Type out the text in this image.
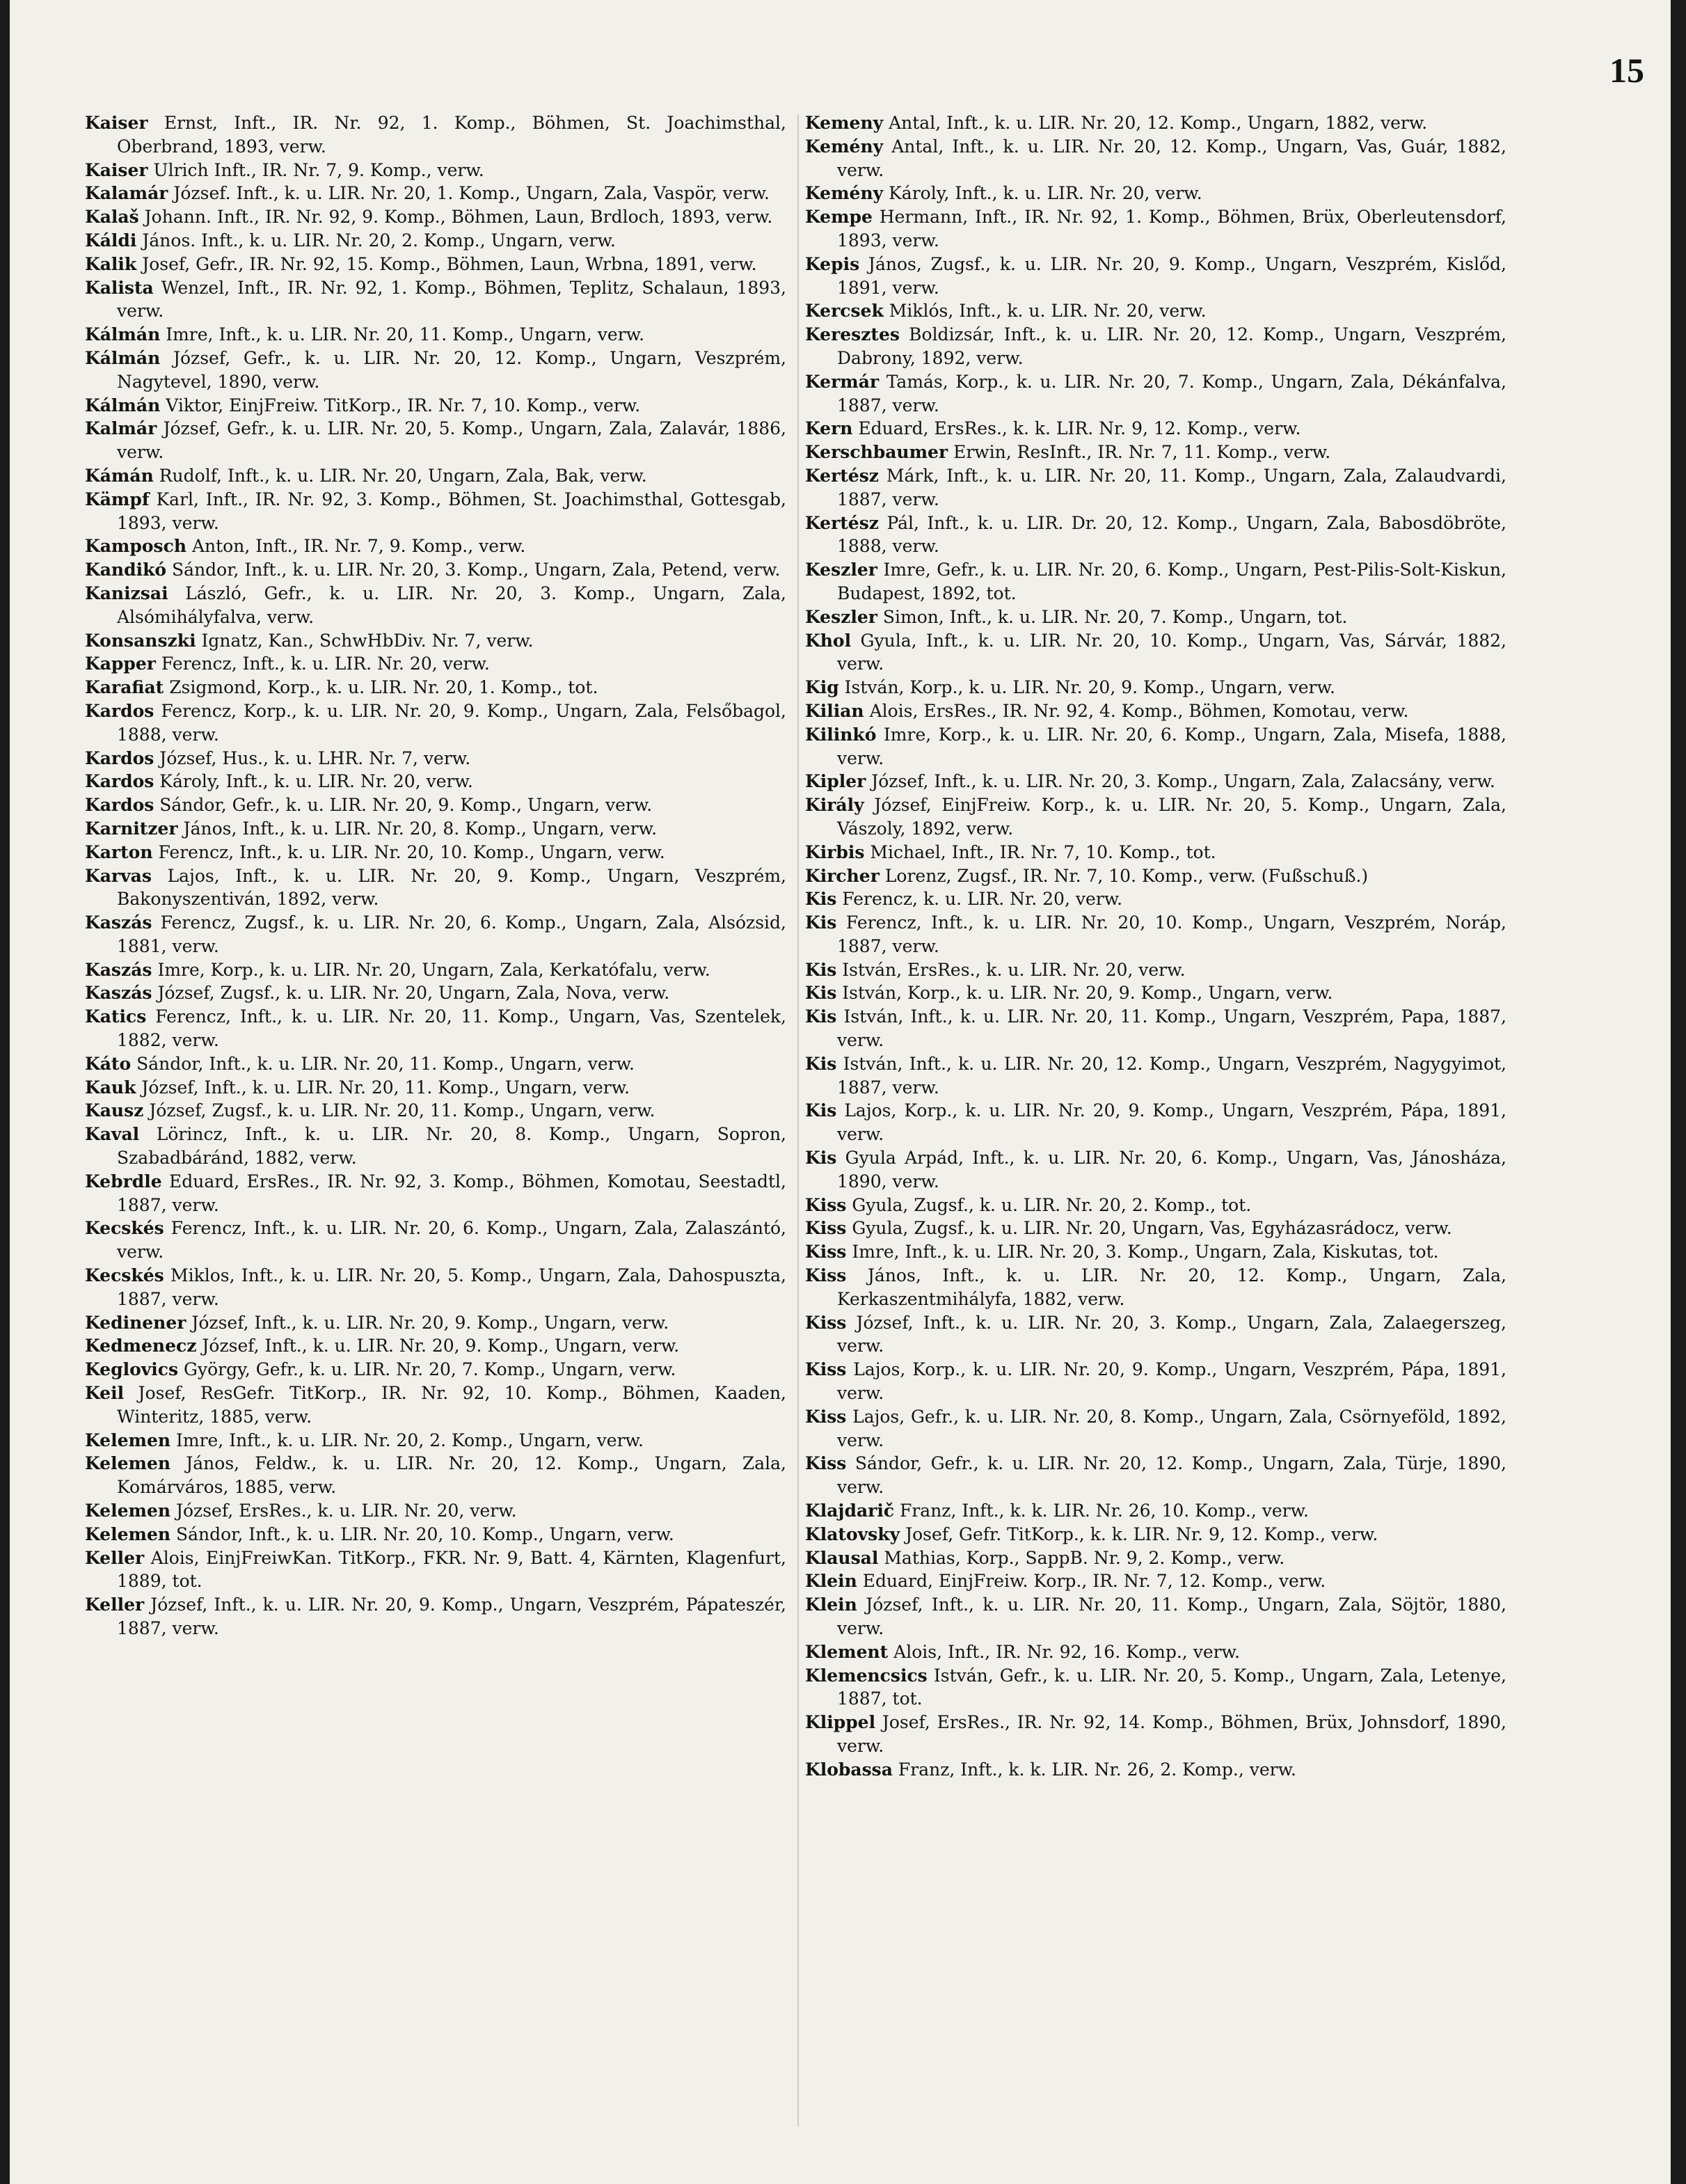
15

Kaiser Ernst, Inft., IR. Nr. 92, 1. Komp., Böhmen, St. Joachimsthal, Oberbrand, 1893, verw.

Kaiser Ulrich Inft., IR. Nr. 7, 9. Komp., verw.

Kalamár József. Inft., k. u. LIR. Nr. 20, 1. Komp., Ungarn, Zala, Vaspör, verw.

Kalaš Johann. Inft., IR. Nr. 92, 9. Komp., Böhmen, Laun, Brdloch, 1893, verw.

Káldi János. Inft., k. u. LIR. Nr. 20, 2. Komp., Ungarn, verw.

Kalik Josef, Gefr., IR. Nr. 92, 15. Komp., Böhmen, Laun, Wrbna, 1891, verw.

Kalista Wenzel, Inft., IR. Nr. 92, 1. Komp., Böhmen, Teplitz, Schalaun, 1893, verw.

Kálmán Imre, Inft., k. u. LIR. Nr. 20, 11. Komp., Ungarn, verw.

Kálmán József, Gefr., k. u. LIR. Nr. 20, 12. Komp., Ungarn, Veszprém, Nagytevel, 1890, verw.

Kálmán Viktor, EinjFreiw. TitKorp., IR. Nr. 7, 10. Komp., verw.

Kalmár József, Gefr., k. u. LIR. Nr. 20, 5. Komp., Ungarn, Zala, Zalavár, 1886, verw.

Kámán Rudolf, Inft., k. u. LIR. Nr. 20, Ungarn, Zala, Bak, verw.

Kämpf Karl, Inft., IR. Nr. 92, 3. Komp., Böhmen, St. Joachimsthal, Gottesgab, 1893, verw.

Kamposch Anton, Inft., IR. Nr. 7, 9. Komp., verw.

Kandikó Sándor, Inft., k. u. LIR. Nr. 20, 3. Komp., Ungarn, Zala, Petend, verw.

Kanizsai László, Gefr., k. u. LIR. Nr. 20, 3. Komp., Ungarn, Zala, Alsómihályfalva, verw.

Konsanszki Ignatz, Kan., SchwHbDiv. Nr. 7, verw.

Kapper Ferencz, Inft., k. u. LIR. Nr. 20, verw.

Karafiat Zsigmond, Korp., k. u. LIR. Nr. 20, 1. Komp., tot.

Kardos Ferencz, Korp., k. u. LIR. Nr. 20, 9. Komp., Ungarn, Zala, Felsőbagol, 1888, verw.

Kardos József, Hus., k. u. LHR. Nr. 7, verw.

Kardos Károly, Inft., k. u. LIR. Nr. 20, verw.

Kardos Sándor, Gefr., k. u. LIR. Nr. 20, 9. Komp., Ungarn, verw.

Karnitzer János, Inft., k. u. LIR. Nr. 20, 8. Komp., Ungarn, verw.

Karton Ferencz, Inft., k. u. LIR. Nr. 20, 10. Komp., Ungarn, verw.

Karvas Lajos, Inft., k. u. LIR. Nr. 20, 9. Komp., Ungarn, Veszprém, Bakonyszentiván, 1892, verw.

Kaszás Ferencz, Zugsf., k. u. LIR. Nr. 20, 6. Komp., Ungarn, Zala, Alsózsid, 1881, verw.

Kaszás Imre, Korp., k. u. LIR. Nr. 20, Ungarn, Zala, Kerkatófalu, verw.

Kaszás József, Zugsf., k. u. LIR. Nr. 20, Ungarn, Zala, Nova, verw.

Katics Ferencz, Inft., k. u. LIR. Nr. 20, 11. Komp., Ungarn, Vas, Szentelek, 1882, verw.

Káto Sándor, Inft., k. u. LIR. Nr. 20, 11. Komp., Ungarn, verw.

Kauk József, Inft., k. u. LIR. Nr. 20, 11. Komp., Ungarn, verw.

Kausz József, Zugsf., k. u. LIR. Nr. 20, 11. Komp., Ungarn, verw.

Kaval Lörincz, Inft., k. u. LIR. Nr. 20, 8. Komp., Ungarn, Sopron, Szabadbáránd, 1882, verw.

Kebrdle Eduard, ErsRes., IR. Nr. 92, 3. Komp., Böhmen, Komotau, Seestadtl, 1887, verw.

Kecskés Ferencz, Inft., k. u. LIR. Nr. 20, 6. Komp., Ungarn, Zala, Zalaszántó, verw.

Kecskés Miklos, Inft., k. u. LIR. Nr. 20, 5. Komp., Ungarn, Zala, Dahospuszta, 1887, verw.

Kedinener József, Inft., k. u. LIR. Nr. 20, 9. Komp., Ungarn, verw.

Kedmenecz József, Inft., k. u. LIR. Nr. 20, 9. Komp., Ungarn, verw.

Keglovics György, Gefr., k. u. LIR. Nr. 20, 7. Komp., Ungarn, verw.

Keil Josef, ResGefr. TitKorp., IR. Nr. 92, 10. Komp., Böhmen, Kaaden, Winteritz, 1885, verw.

Kelemen Imre, Inft., k. u. LIR. Nr. 20, 2. Komp., Ungarn, verw.

Kelemen János, Feldw., k. u. LIR. Nr. 20, 12. Komp., Ungarn, Zala, Komárváros, 1885, verw.

Kelemen József, ErsRes., k. u. LIR. Nr. 20, verw.

Kelemen Sándor, Inft., k. u. LIR. Nr. 20, 10. Komp., Ungarn, verw.

Keller Alois, EinjFreiwKan. TitKorp., FKR. Nr. 9, Batt. 4, Kärnten, Klagenfurt, 1889, tot.

Keller József, Inft., k. u. LIR. Nr. 20, 9. Komp., Ungarn, Veszprém, Pápateszér, 1887, verw.

Kemeny Antal, Inft., k. u. LIR. Nr. 20, 12. Komp., Ungarn, 1882, verw.

Kemény Antal, Inft., k. u. LIR. Nr. 20, 12. Komp., Ungarn, Vas, Guár, 1882, verw.

Kemény Károly, Inft., k. u. LIR. Nr. 20, verw.

Kempe Hermann, Inft., IR. Nr. 92, 1. Komp., Böhmen, Brüx, Oberleutensdorf, 1893, verw.

Kepis János, Zugsf., k. u. LIR. Nr. 20, 9. Komp., Ungarn, Veszprém, Kislőd, 1891, verw.

Kercsek Miklós, Inft., k. u. LIR. Nr. 20, verw.

Keresztes Boldizsár, Inft., k. u. LIR. Nr. 20, 12. Komp., Ungarn, Veszprém, Dabrony, 1892, verw.

Kermár Tamás, Korp., k. u. LIR. Nr. 20, 7. Komp., Ungarn, Zala, Dékánfalva, 1887, verw.

Kern Eduard, ErsRes., k. k. LIR. Nr. 9, 12. Komp., verw.

Kerschbaumer Erwin, ResInft., IR. Nr. 7, 11. Komp., verw.

Kertész Márk, Inft., k. u. LIR. Nr. 20, 11. Komp., Ungarn, Zala, Zalaudvardi, 1887, verw.

Kertész Pál, Inft., k. u. LIR. Dr. 20, 12. Komp., Ungarn, Zala, Babosdöbröte, 1888, verw.

Keszler Imre, Gefr., k. u. LIR. Nr. 20, 6. Komp., Ungarn, Pest-Pilis-Solt-Kiskun, Budapest, 1892, tot.

Keszler Simon, Inft., k. u. LIR. Nr. 20, 7. Komp., Ungarn, tot.

Khol Gyula, Inft., k. u. LIR. Nr. 20, 10. Komp., Ungarn, Vas, Sárvár, 1882, verw.

Kig István, Korp., k. u. LIR. Nr. 20, 9. Komp., Ungarn, verw.

Kilian Alois, ErsRes., IR. Nr. 92, 4. Komp., Böhmen, Komotau, verw.

Kilinkó Imre, Korp., k. u. LIR. Nr. 20, 6. Komp., Ungarn, Zala, Misefa, 1888, verw.

Kipler József, Inft., k. u. LIR. Nr. 20, 3. Komp., Ungarn, Zala, Zalacsány, verw.

Király József, EinjFreiw. Korp., k. u. LIR. Nr. 20, 5. Komp., Ungarn, Zala, Vászoly, 1892, verw.

Kirbis Michael, Inft., IR. Nr. 7, 10. Komp., tot.

Kircher Lorenz, Zugsf., IR. Nr. 7, 10. Komp., verw. (Fußschuß.)

Kis Ferencz, k. u. LIR. Nr. 20, verw.

Kis Ferencz, Inft., k. u. LIR. Nr. 20, 10. Komp., Ungarn, Veszprém, Noráp, 1887, verw.

Kis István, ErsRes., k. u. LIR. Nr. 20, verw.

Kis István, Korp., k. u. LIR. Nr. 20, 9. Komp., Ungarn, verw.

Kis István, Inft., k. u. LIR. Nr. 20, 11. Komp., Ungarn, Veszprém, Papa, 1887, verw.

Kis István, Inft., k. u. LIR. Nr. 20, 12. Komp., Ungarn, Veszprém, Nagygyimot, 1887, verw.

Kis Lajos, Korp., k. u. LIR. Nr. 20, 9. Komp., Ungarn, Veszprém, Pápa, 1891, verw.

Kis Gyula Arpád, Inft., k. u. LIR. Nr. 20, 6. Komp., Ungarn, Vas, Jánosháza, 1890, verw.

Kiss Gyula, Zugsf., k. u. LIR. Nr. 20, 2. Komp., tot.

Kiss Gyula, Zugsf., k. u. LIR. Nr. 20, Ungarn, Vas, Egyházasrádocz, verw.

Kiss Imre, Inft., k. u. LIR. Nr. 20, 3. Komp., Ungarn, Zala, Kiskutas, tot.

Kiss János, Inft., k. u. LIR. Nr. 20, 12. Komp., Ungarn, Zala, Kerkaszentmihályfa, 1882, verw.

Kiss József, Inft., k. u. LIR. Nr. 20, 3. Komp., Ungarn, Zala, Zalaegerszeg, verw.

Kiss Lajos, Korp., k. u. LIR. Nr. 20, 9. Komp., Ungarn, Veszprém, Pápa, 1891, verw.

Kiss Lajos, Gefr., k. u. LIR. Nr. 20, 8. Komp., Ungarn, Zala, Csörnyeföld, 1892, verw.

Kiss Sándor, Gefr., k. u. LIR. Nr. 20, 12. Komp., Ungarn, Zala, Türje, 1890, verw.

Klajdarič Franz, Inft., k. k. LIR. Nr. 26, 10. Komp., verw.

Klatovsky Josef, Gefr. TitKorp., k. k. LIR. Nr. 9, 12. Komp., verw.

Klausal Mathias, Korp., SappB. Nr. 9, 2. Komp., verw.

Klein Eduard, EinjFreiw. Korp., IR. Nr. 7, 12. Komp., verw.

Klein József, Inft., k. u. LIR. Nr. 20, 11. Komp., Ungarn, Zala, Söjtör, 1880, verw.

Klement Alois, Inft., IR. Nr. 92, 16. Komp., verw.

Klemencsics István, Gefr., k. u. LIR. Nr. 20, 5. Komp., Ungarn, Zala, Letenye, 1887, tot.

Klippel Josef, ErsRes., IR. Nr. 92, 14. Komp., Böhmen, Brüx, Johnsdorf, 1890, verw.

Klobassa Franz, Inft., k. k. LIR. Nr. 26, 2. Komp., verw.
